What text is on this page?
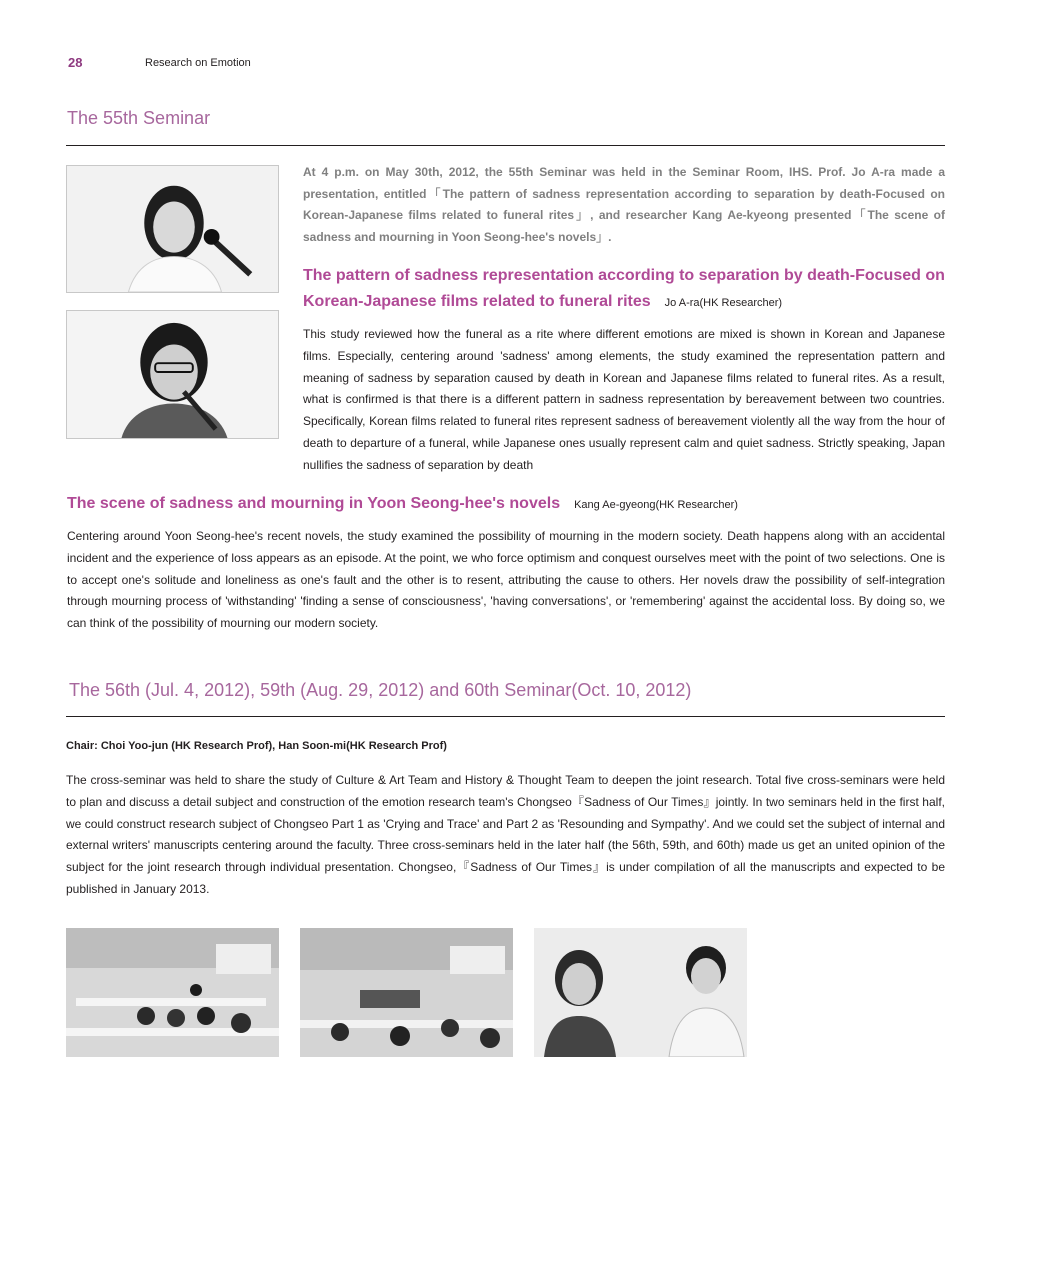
28	Research on Emotion
The 55th Seminar

At 4 p.m. on May 30th, 2012, the 55th Seminar was held in the Seminar Room, IHS. Prof. Jo A-ra made a presentation, entitled「The pattern of sadness representation according to separation by death-Focused on Korean-Japanese films related to funeral rites」, and researcher Kang Ae-kyeong presented「The scene of sadness and mourning in Yoon Seong-hee's novels」.

The pattern of sadness representation according to separation by death-Focused on Korean-Japanese films related to funeral rites Jo A-ra(HK Researcher)

This study reviewed how the funeral as a rite where different emotions are mixed is shown in Korean and Japanese films. Especially, centering around 'sadness' among elements, the study examined the representation pattern and meaning of sadness by separation caused by death in Korean and Japanese films related to funeral rites. As a result, what is confirmed is that there is a different pattern in sadness representation by bereavement between two countries. Specifically, Korean films related to funeral rites represent sadness of bereavement violently all the way from the hour of death to departure of a funeral, while Japanese ones usually represent calm and quiet sadness. Strictly speaking, Japan nullifies the sadness of separation by death

The scene of sadness and mourning in Yoon Seong-hee's novels Kang Ae-gyeong(HK Researcher)

Centering around Yoon Seong-hee's recent novels, the study examined the possibility of mourning in the modern society. Death happens along with an accidental incident and the experience of loss appears as an episode. At the point, we who force optimism and conquest ourselves meet with the point of two selections. One is to accept one's solitude and loneliness as one's fault and the other is to resent, attributing the cause to others. Her novels draw the possibility of self-integration through mourning process of 'withstanding' 'finding a sense of consciousness', 'having conversations', or 'remembering' against the accidental loss. By doing so, we can think of the possibility of mourning our modern society.

The 56th (Jul. 4, 2012), 59th (Aug. 29, 2012) and 60th Seminar(Oct. 10, 2012)
Chair: Choi Yoo-jun (HK Research Prof), Han Soon-mi(HK Research Prof)

The cross-seminar was held to share the study of Culture & Art Team and History & Thought Team to deepen the joint research. Total five cross-seminars were held to plan and discuss a detail subject and construction of the emotion research team's Chongseo『Sadness of Our Times』jointly. In two seminars held in the first half, we could construct research subject of Chongseo Part 1 as 'Crying and Trace' and Part 2 as 'Resounding and Sympathy'. And we could set the subject of internal and external writers' manuscripts centering around the faculty. Three cross-seminars held in the later half (the 56th, 59th, and 60th) made us get an united opinion of the subject for the joint research through individual presentation. Chongseo,『Sadness of Our Times』is under compilation of all the manuscripts and expected to be published in January 2013.
